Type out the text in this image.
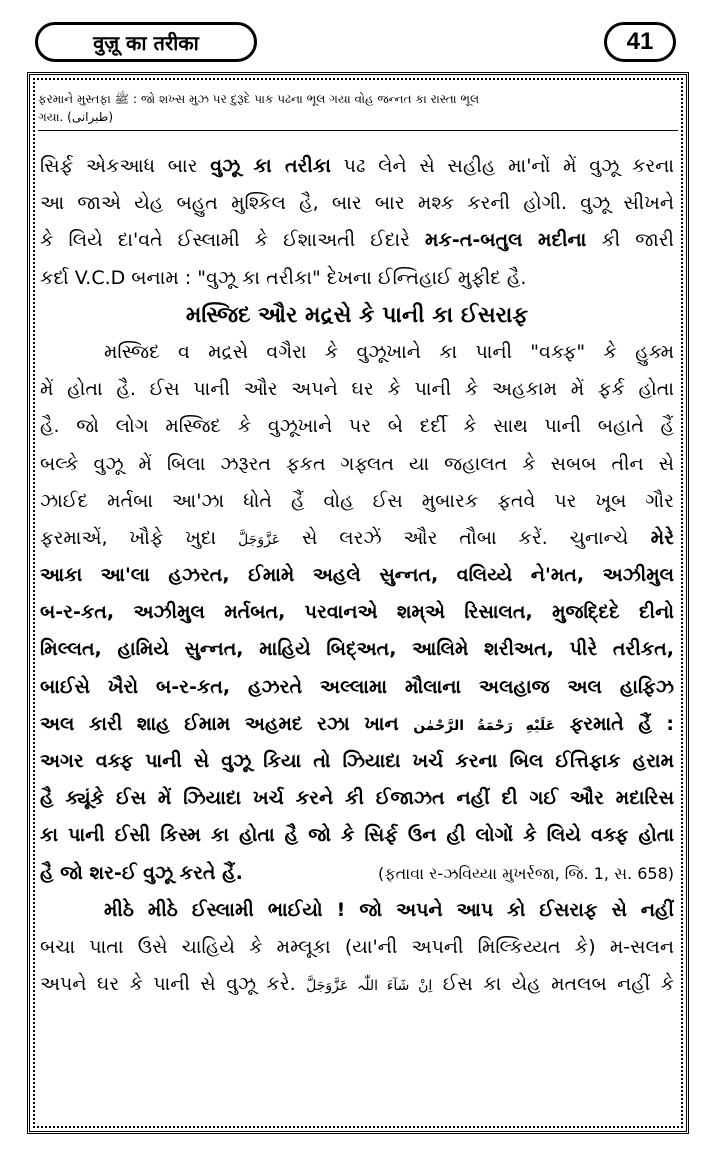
वुज़ू का तरीका	41
ફરમાને મુસ્તફા ﷺ : જો શખ્સ મુઝ પર દુરૂદે પાક પઢના ભૂલ ગયા વોહ જન્નત કા રાસ્તા ભૂલ
ગયા. (طبرانی)
સિર્ફ એકઆધ બાર વુઝૂ કા તરીકા પઢ લેને સે સહીહ મા'નોં મેં વુઝૂ કરના
આ જાએ યેહ બહુત મુશ્કિલ હૈ, બાર બાર મશ્ક કરની હોગી. વુઝૂ સીખને
કે લિયે દા'વતે ઈસ્લામી કે ઈશાઅતી ઈદારે મક-ત-બતુલ મદીના કી જારી
કર્દા V.C.D બનામ : "વુઝૂ કા તરીકા" દેખના ઈન્તિહાઈ મુફીદ હૈ.
મસ્જિદ ઔર મદ્રસે કે પાની કા ઈસરાફ
મસ્જિદ વ મદ્રસે વગૈરા કે વુઝૂખાને કા પાની "વક્ફ" કે હુક્મ
મેં હોતા હૈ. ઈસ પાની ઔર અપને ઘર કે પાની કે અહકામ મેં ફર્ક હોતા
હૈ. જો લોગ મસ્જિદ કે વુઝૂખાને પર બે દર્દી કે સાથ પાની બહાતે હૈં
બલ્કે વુઝૂ મેં બિલા ઝરૂરત ફકત ગફ્લત યા જહાલત કે સબબ તીન સે
ઝાઈદ મર્તબા આ'ઝા ધોતે હૈં વોહ ઈસ મુબારક ફતવે પર ખૂબ ગૌર
ફરમાએં, ખૌફે ખુદા عَزَّوَجَلَّ સે લરઝેં ઔર તૌબા કરેં. ચુનાન્ચે મેરે
આકા આ'લા હઝરત, ઈમામે અહલે સુન્નત, વલિય્યે ને'મત, અઝીમુલ
બ-ર-કત, અઝીમુલ મર્તબત, પરવાનએ શમ્એ રિસાલત, મુજદ્દિદે દીનો
મિલ્લત, હામિયે સુન્નત, માહિયે બિદ્અત, આલિમે શરીઅત, પીરે તરીકત,
બાઈસે ખૈરો બ-ર-કત, હઝરતે અલ્લામા મૌલાના અલહાજ અલ હાફિઝ
અલ કારી શાહ ઈમામ અહમદ રઝા ખાન عَلَيْهِ رَحْمَةُ الرَّحْمٰن ફરમાતે હૈં :
અગર વક્ફ પાની સે વુઝૂ કિયા તો ઝિયાદા ખર્ચ કરના બિલ ઈત્તિફાક હરામ
હૈ ક્યૂંકે ઈસ મેં ઝિયાદા ખર્ચ કરને કી ઈજાઝત નહીં દી ગઈ ઔર મદારિસ
કા પાની ઈસી કિસ્મ કા હોતા હૈ જો કે સિર્ફ ઉન હી લોગોં કે લિયે વક્ફ હોતા
હૈ જો શર-ઈ વુઝૂ કરતે હૈં.	(ફતાવા ર-ઝવિય્યા મુખર્રજા, જિ. 1, સ. 658)
મીઠે મીઠે ઈસ્લામી ભાઈયો ! જો અપને આપ કો ઈસરાફ સે નહીં
બચા પાતા ઉસે ચાહિયે કે મમ્લૂકા (યા'ની અપની મિલ્કિય્યત કે) મ-સલન
અપને ઘર કે પાની સે વુઝૂ કરે. اِنْ شَآءَ اللّٰہ عَزَّوَجَلَّ ઈસ કા યેહ મતલબ નહીં કે
